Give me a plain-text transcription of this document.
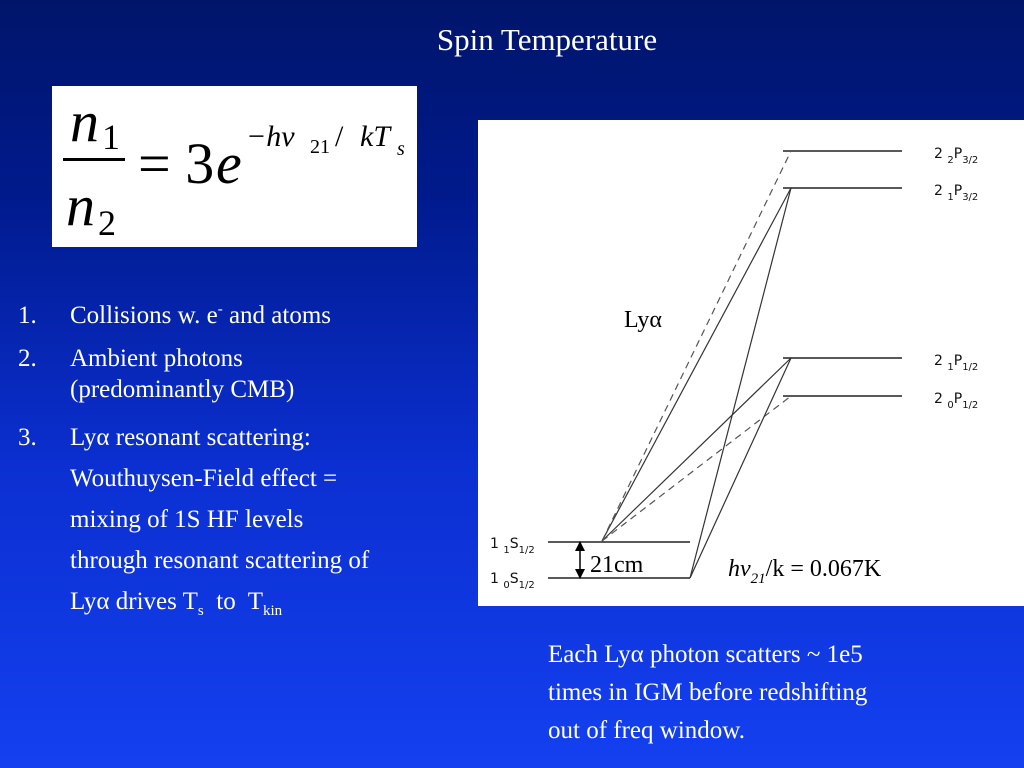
Spin Temperature
n 1
n 2
= 3 e −hν 21 / kT s
1. Collisions w. e- and atoms
2. Ambient photons
(predominantly CMB)
3. Lyα resonant scattering:
Wouthuysen-Field effect =
mixing of 1S HF levels
through resonant scattering of
Lyα drives $T_s$  to  $T_{kin}$
Lyα
21cm	$h\nu_{21}/k = 0.067K$
2 $_2P_{3/2}$
2 $_1P_{3/2}$
2 $_1P_{1/2}$
2 $_0P_{1/2}$
1 $_1S_{1/2}$
1 $_0S_{1/2}$
Each Lyα photon scatters ~ 1e5
times in IGM before redshifting
out of freq window.
